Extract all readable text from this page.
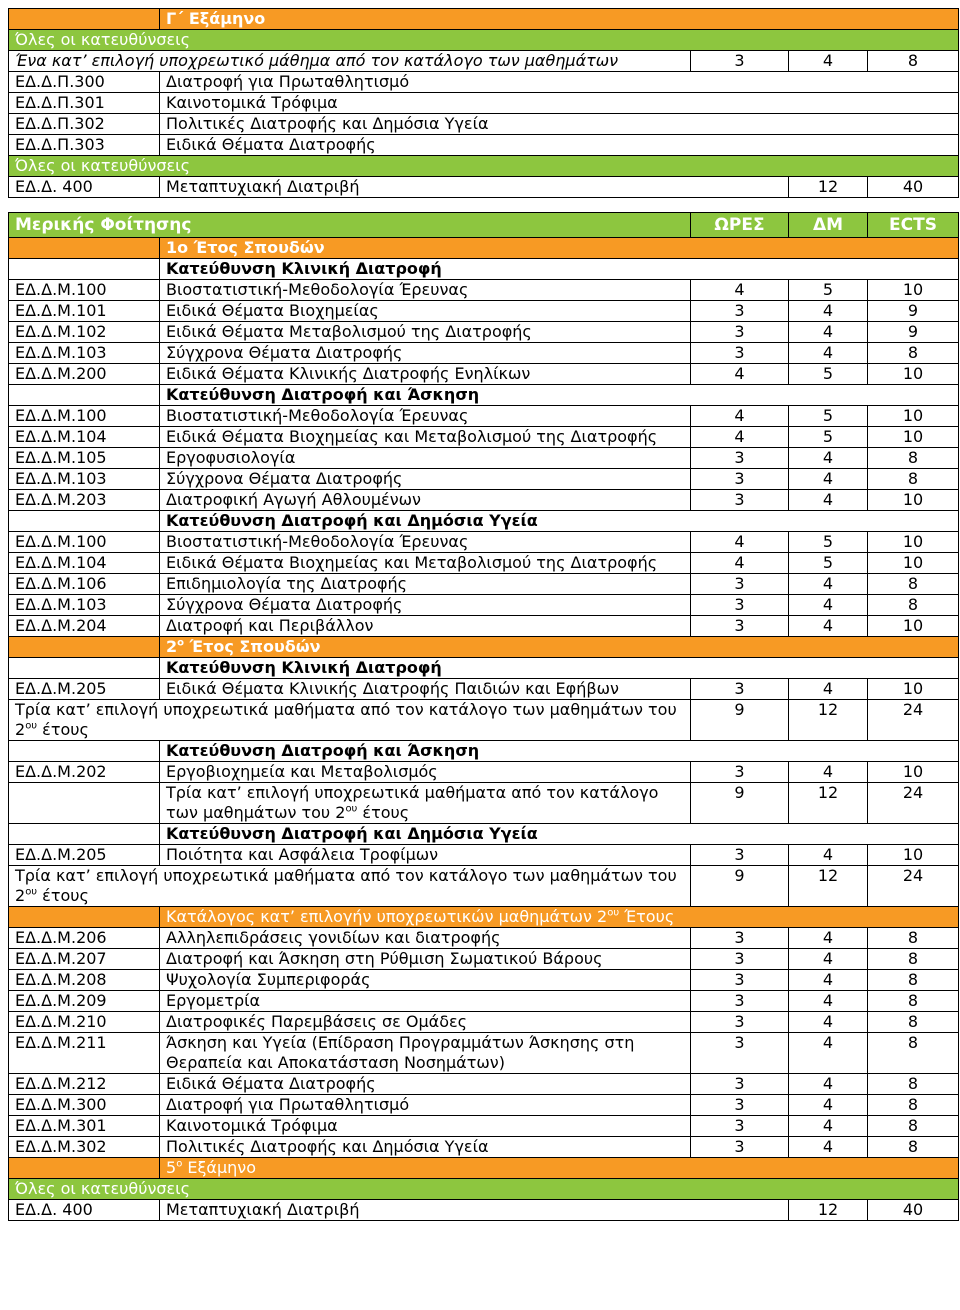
	Γ΄ Εξάμηνο			
Όλες οι κατευθύνσεις				
Ένα κατ’ επιλογή υποχρεωτικό μάθημα από τον κατάλογο των μαθημάτων		3	4	8
ΕΔ.Δ.Π.300	Διατροφή για Πρωταθλητισμό			
ΕΔ.Δ.Π.301	Καινοτομικά Τρόφιμα			
ΕΔ.Δ.Π.302	Πολιτικές Διατροφής και Δημόσια Υγεία			
ΕΔ.Δ.Π.303	Ειδικά Θέματα Διατροφής			
Όλες οι κατευθύνσεις				
ΕΔ.Δ. 400	Μεταπτυχιακή Διατριβή		12	40

Μερικής Φοίτησης		ΩΡΕΣ	ΔΜ	ECTS
	1ο Έτος Σπουδών			
	Κατεύθυνση Κλινική Διατροφή			
ΕΔ.Δ.Μ.100	Βιοστατιστική-Μεθοδολογία Έρευνας	4	5	10
ΕΔ.Δ.Μ.101	Ειδικά Θέματα Βιοχημείας	3	4	9
ΕΔ.Δ.Μ.102	Ειδικά Θέματα Μεταβολισμού της Διατροφής	3	4	9
ΕΔ.Δ.Μ.103	Σύγχρονα Θέματα Διατροφής	3	4	8
ΕΔ.Δ.Μ.200	Ειδικά Θέματα Κλινικής Διατροφής Ενηλίκων	4	5	10
	Κατεύθυνση Διατροφή και Άσκηση			
ΕΔ.Δ.Μ.100	Βιοστατιστική-Μεθοδολογία Έρευνας	4	5	10
ΕΔ.Δ.Μ.104	Ειδικά Θέματα Βιοχημείας και Μεταβολισμού της Διατροφής	4	5	10
ΕΔ.Δ.Μ.105	Εργοφυσιολογία	3	4	8
ΕΔ.Δ.Μ.103	Σύγχρονα Θέματα Διατροφής	3	4	8
ΕΔ.Δ.Μ.203	Διατροφική Αγωγή Αθλουμένων	3	4	10
	Κατεύθυνση Διατροφή και Δημόσια Υγεία			
ΕΔ.Δ.Μ.100	Βιοστατιστική-Μεθοδολογία Έρευνας	4	5	10
ΕΔ.Δ.Μ.104	Ειδικά Θέματα Βιοχημείας και Μεταβολισμού της Διατροφής	4	5	10
ΕΔ.Δ.Μ.106	Επιδημιολογία της Διατροφής	3	4	8
ΕΔ.Δ.Μ.103	Σύγχρονα Θέματα Διατροφής	3	4	8
ΕΔ.Δ.Μ.204	Διατροφή και Περιβάλλον	3	4	10
	$2^o$ Έτος Σπουδών			
	Κατεύθυνση Κλινική Διατροφή			
ΕΔ.Δ.Μ.205	Ειδικά Θέματα Κλινικής Διατροφής Παιδιών και Εφήβων	3	4	10
Τρία κατ’ επιλογή υποχρεωτικά μαθήματα από τον κατάλογο των μαθημάτων του $2^{o\upsilon}$ έτους		9	12	24
	Κατεύθυνση Διατροφή και Άσκηση			
ΕΔ.Δ.Μ.202	Εργοβιοχημεία και Μεταβολισμός	3	4	10
	Τρία κατ’ επιλογή υποχρεωτικά μαθήματα από τον κατάλογο των μαθημάτων του $2^{o\upsilon}$ έτους	9	12	24
	Κατεύθυνση Διατροφή και Δημόσια Υγεία			
ΕΔ.Δ.Μ.205	Ποιότητα και Ασφάλεια Τροφίμων	3	4	10
Τρία κατ’ επιλογή υποχρεωτικά μαθήματα από τον κατάλογο των μαθημάτων του $2^{o\upsilon}$ έτους		9	12	24
	Κατάλογος κατ’ επιλογήν υποχρεωτικών μαθημάτων $2^{o\upsilon}$ Έτους			
ΕΔ.Δ.Μ.206	Αλληλεπιδράσεις γονιδίων και διατροφής	3	4	8
ΕΔ.Δ.Μ.207	Διατροφή και Άσκηση στη Ρύθμιση Σωματικού Βάρους	3	4	8
ΕΔ.Δ.Μ.208	Ψυχολογία Συμπεριφοράς	3	4	8
ΕΔ.Δ.Μ.209	Εργομετρία	3	4	8
ΕΔ.Δ.Μ.210	Διατροφικές Παρεμβάσεις σε Ομάδες	3	4	8
ΕΔ.Δ.Μ.211	Άσκηση και Υγεία (Επίδραση Προγραμμάτων Άσκησης στη Θεραπεία και Αποκατάσταση Νοσημάτων)	3	4	8
ΕΔ.Δ.Μ.212	Ειδικά Θέματα Διατροφής	3	4	8
ΕΔ.Δ.Μ.300	Διατροφή για Πρωταθλητισμό	3	4	8
ΕΔ.Δ.Μ.301	Καινοτομικά Τρόφιμα	3	4	8
ΕΔ.Δ.Μ.302	Πολιτικές Διατροφής και Δημόσια Υγεία	3	4	8
	$5^o$ Εξάμηνο			
Όλες οι κατευθύνσεις				
ΕΔ.Δ. 400	Μεταπτυχιακή Διατριβή		12	40
